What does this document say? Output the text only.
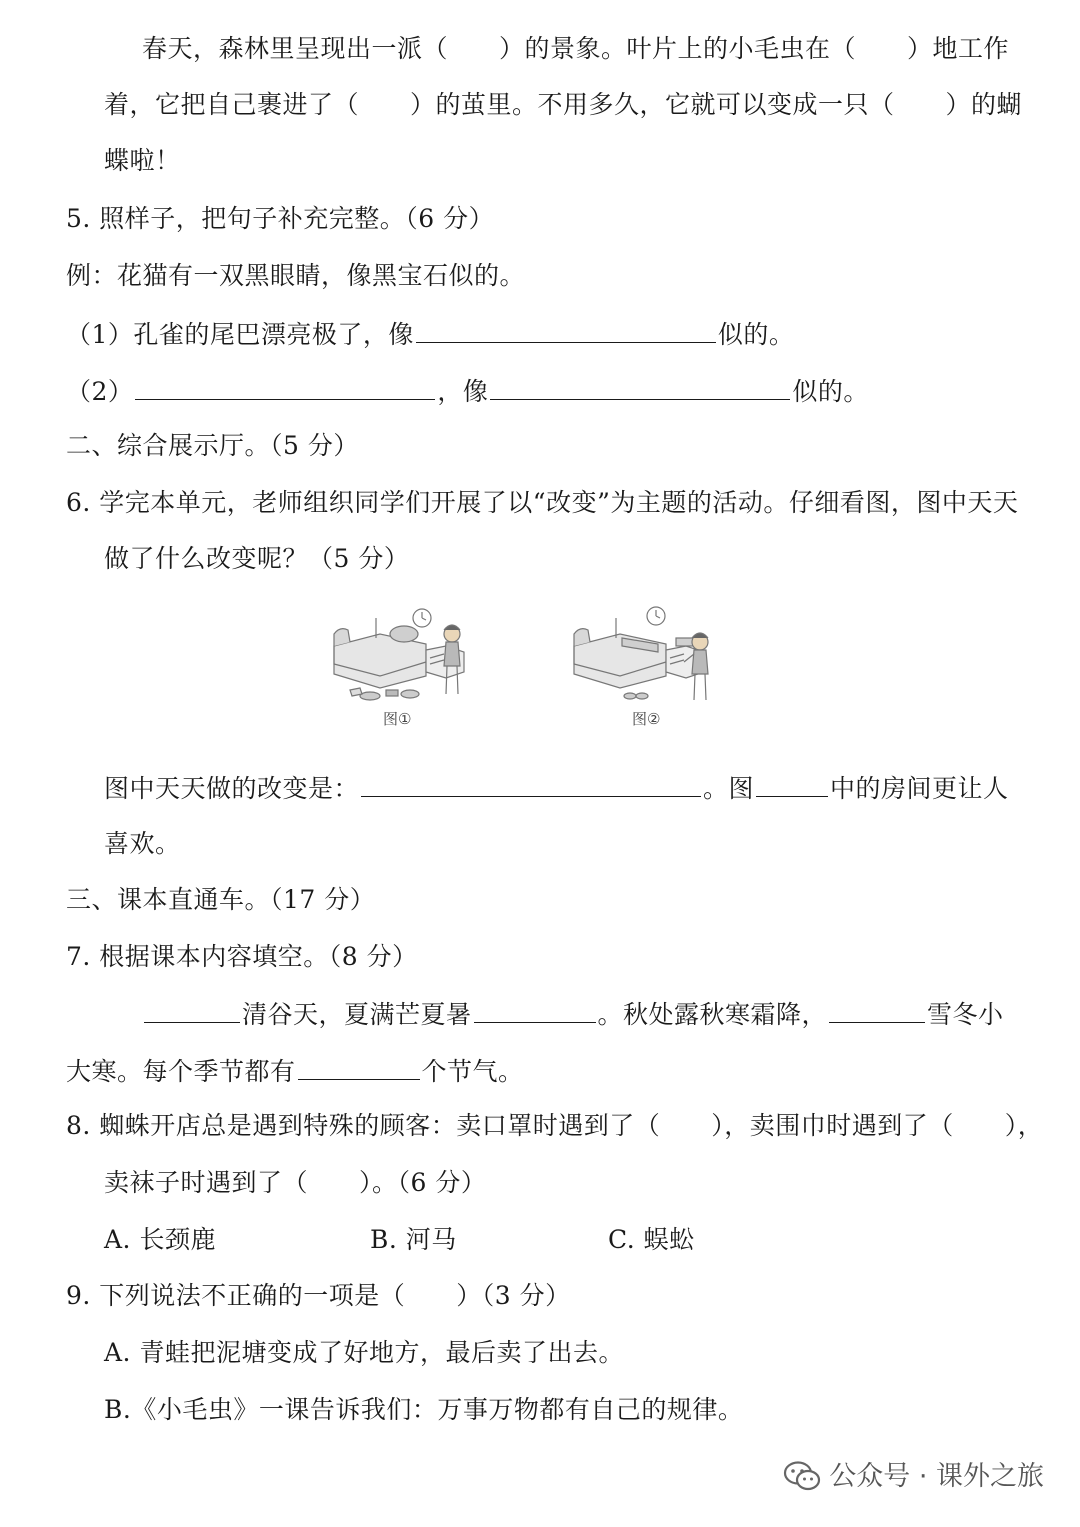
春天，森林里呈现出一派（　　）的景象。叶片上的小毛虫在（　　）地工作
着，它把自己裹进了（　　）的茧里。不用多久，它就可以变成一只（　　）的蝴
蝶啦！
5. 照样子，把句子补充完整。（6 分）
例：花猫有一双黑眼睛，像黑宝石似的。
（1）孔雀的尾巴漂亮极了，像	似的。
（2）	，像	似的。
二、综合展示厅。（5 分）
6. 学完本单元，老师组织同学们开展了以“改变”为主题的活动。仔细看图，图中天天
做了什么改变呢？（5 分）
图①	图②
图中天天做的改变是：	。图	中的房间更让人
喜欢。
三、课本直通车。（17 分）
7. 根据课本内容填空。（8 分）
清谷天，夏满芒夏暑	。秋处露秋寒霜降，	雪冬小
大寒。每个季节都有	个节气。
8. 蜘蛛开店总是遇到特殊的顾客：卖口罩时遇到了（　　），卖围巾时遇到了（　　），
卖袜子时遇到了（　　）。（6 分）
A. 长颈鹿	B. 河马	C. 蜈蚣
9. 下列说法不正确的一项是（　　）（3 分）
A. 青蛙把泥塘变成了好地方，最后卖了出去。
B.《小毛虫》一课告诉我们：万事万物都有自己的规律。
公众号 · 课外之旅
